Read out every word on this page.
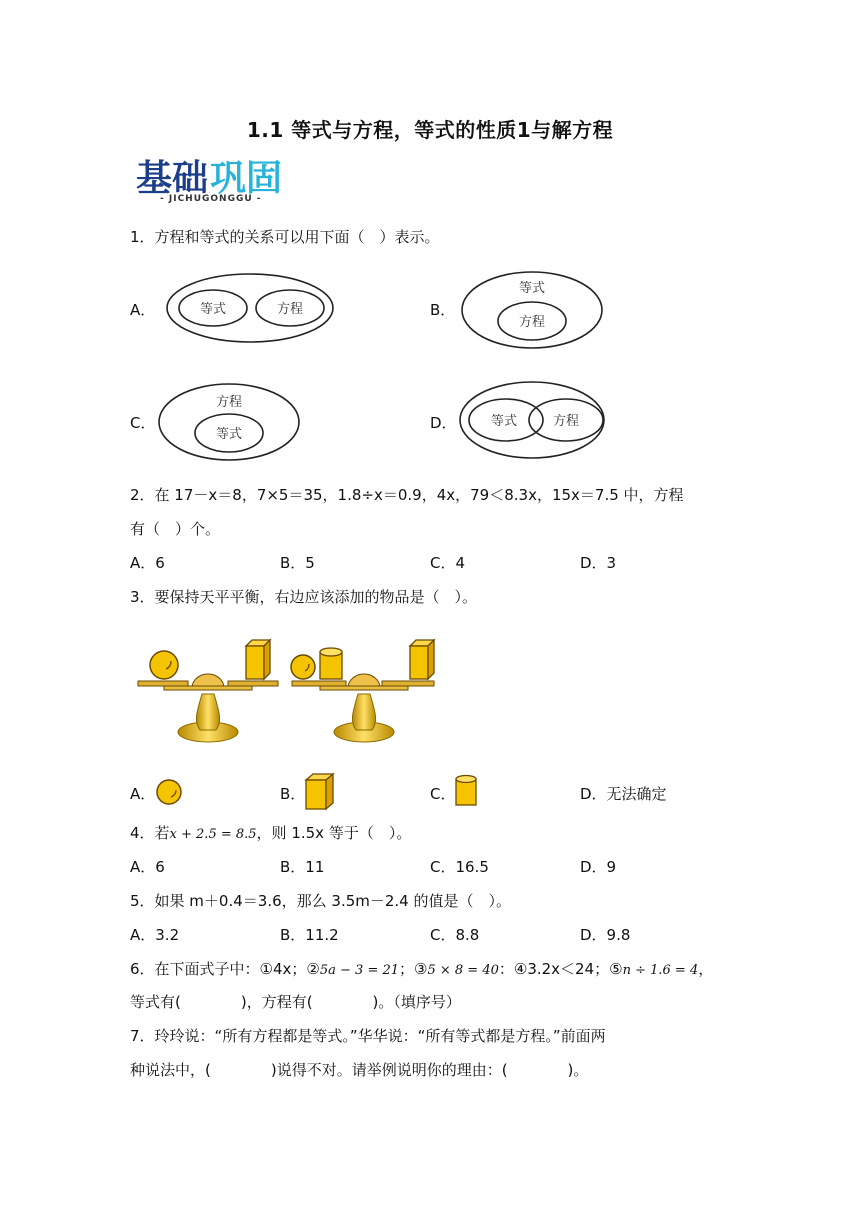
1.1 等式与方程，等式的性质1与解方程
基础 巩固
- JICHUGONGGU -
1．方程和等式的关系可以用下面（　）表示。
A．	等式	方程	B．
等式
方程
C．
方程
等式
D．	等式	方程
2．在 17－x＝8，7×5＝35，1.8÷x＝0.9，4x，79＜8.3x，15x＝7.5 中，方程
有（　）个。
A．6	B．5	C．4	D．3
3．要保持天平平衡，右边应该添加的物品是（　）。
A．	B．	C．	D．无法确定
4．若x + 2.5 = 8.5，则 1.5x 等于（　）。
A．6	B．11	C．16.5	D．9
5．如果 m＋0.4＝3.6，那么 3.5m－2.4 的值是（　）。
A．3.2	B．11.2	C．8.8	D．9.8
6．在下面式子中：①4x；②5a − 3 = 21；③5 × 8 = 40：④3.2x＜24；⑤n ÷ 1.6 = 4，
等式有(　　　　)，方程有(　　　　)。（填序号）
7．玲玲说：“所有方程都是等式。”华华说：“所有等式都是方程。”前面两
种说法中，(　　　　)说得不对。请举例说明你的理由：(　　　　)。
